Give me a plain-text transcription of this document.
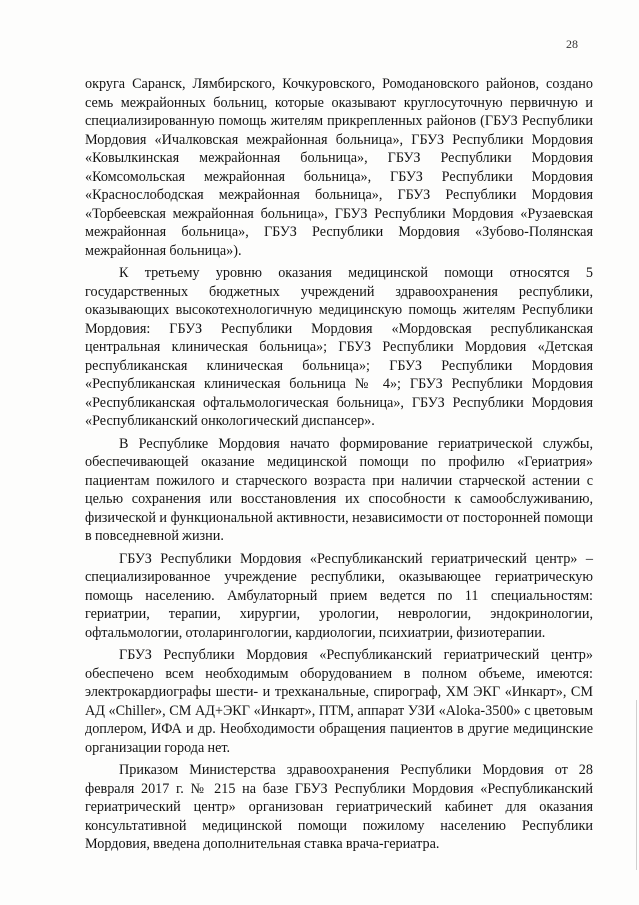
28

округа Саранск, Лямбирского, Кочкуровского, Ромодановского районов, создано семь межрайонных больниц, которые оказывают круглосуточную первичную и специализированную помощь жителям прикрепленных районов (ГБУЗ Республики Мордовия «Ичалковская межрайонная больница», ГБУЗ Республики Мордовия «Ковылкинская межрайонная больница», ГБУЗ Республики Мордовия «Комсомольская межрайонная больница», ГБУЗ Республики Мордовия «Краснослободская межрайонная больница», ГБУЗ Республики Мордовия «Торбеевская межрайонная больница», ГБУЗ Республики Мордовия «Рузаевская межрайонная больница», ГБУЗ Республики Мордовия «Зубово-Полянская межрайонная больница»).

К третьему уровню оказания медицинской помощи относятся 5 государственных бюджетных учреждений здравоохранения республики, оказывающих высокотехнологичную медицинскую помощь жителям Республики Мордовия: ГБУЗ Республики Мордовия «Мордовская республиканская центральная клиническая больница»; ГБУЗ Республики Мордовия «Детская республиканская клиническая больница»; ГБУЗ Республики Мордовия «Республиканская клиническая больница № 4»; ГБУЗ Республики Мордовия «Республиканская офтальмологическая больница», ГБУЗ Республики Мордовия «Республиканский онкологический диспансер».

В Республике Мордовия начато формирование гериатрической службы, обеспечивающей оказание медицинской помощи по профилю «Гериатрия» пациентам пожилого и старческого возраста при наличии старческой астении с целью сохранения или восстановления их способности к самообслуживанию, физической и функциональной активности, независимости от посторонней помощи в повседневной жизни.

ГБУЗ Республики Мордовия «Республиканский гериатрический центр» – специализированное учреждение республики, оказывающее гериатрическую помощь населению. Амбулаторный прием ведется по 11 специальностям: гериатрии, терапии, хирургии, урологии, неврологии, эндокринологии, офтальмологии, отоларингологии, кардиологии, психиатрии, физиотерапии.

ГБУЗ Республики Мордовия «Республиканский гериатрический центр» обеспечено всем необходимым оборудованием в полном объеме, имеются: электрокардиографы шести- и трехканальные, спирограф, ХМ ЭКГ «Инкарт», СМ АД «Chiller», СМ АД+ЭКГ «Инкарт», ПТМ, аппарат УЗИ «Aloka-3500» с цветовым доплером, ИФА и др. Необходимости обращения пациентов в другие медицинские организации города нет.

Приказом Министерства здравоохранения Республики Мордовия от 28 февраля 2017 г. № 215 на базе ГБУЗ Республики Мордовия «Республиканский гериатрический центр» организован гериатрический кабинет для оказания консультативной медицинской помощи пожилому населению Республики Мордовия, введена дополнительная ставка врача-гериатра.
